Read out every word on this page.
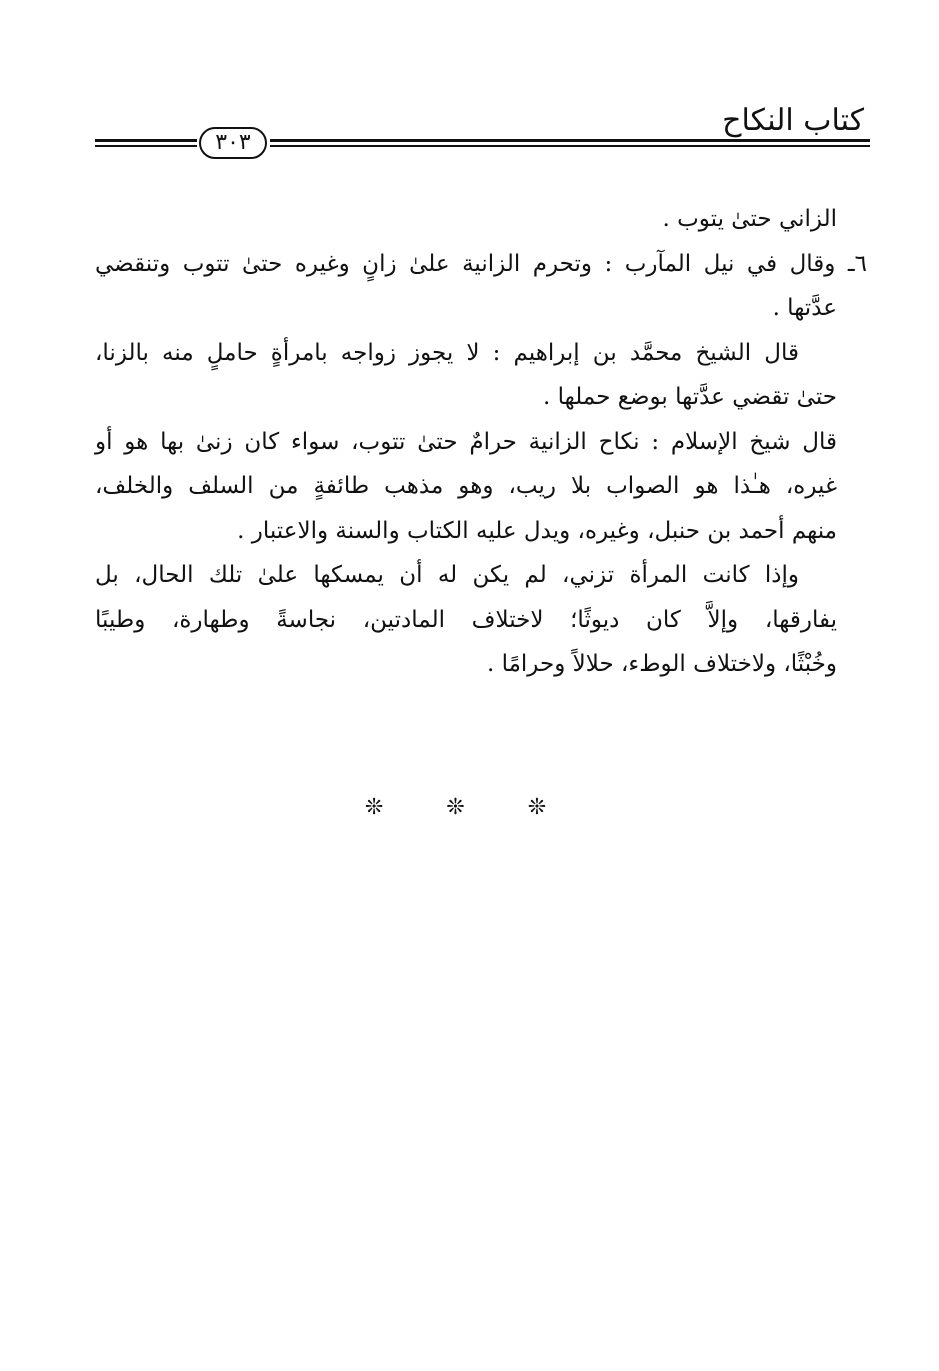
كتاب النكاح
٣٠٣
الزاني حتىٰ يتوب .
٦ـ وقال في نيل المآرب : وتحرم الزانية علىٰ زانٍ وغيره حتىٰ تتوب وتنقضي
عدَّتها .
قال الشيخ محمَّد بن إبراهيم : لا يجوز زواجه بامرأةٍ حاملٍ منه بالزنا،
حتىٰ تقضي عدَّتها بوضع حملها .
قال شيخ الإسلام : نكاح الزانية حرامٌ حتىٰ تتوب، سواء كان زنىٰ بها هو أو
غيره، هـٰذا هو الصواب بلا ريب، وهو مذهب طائفةٍ من السلف والخلف،
منهم أحمد بن حنبل، وغيره، ويدل عليه الكتاب والسنة والاعتبار .
وإذا كانت المرأة تزني، لم يكن له أن يمسكها علىٰ تلك الحال، بل
يفارقها، وإلاَّ كان ديوثًا؛ لاختلاف المادتين، نجاسةً وطهارة، وطيبًا
وخُبْثًا، ولاختلاف الوطء، حلالاً وحرامًا .
❊ ❊ ❊
